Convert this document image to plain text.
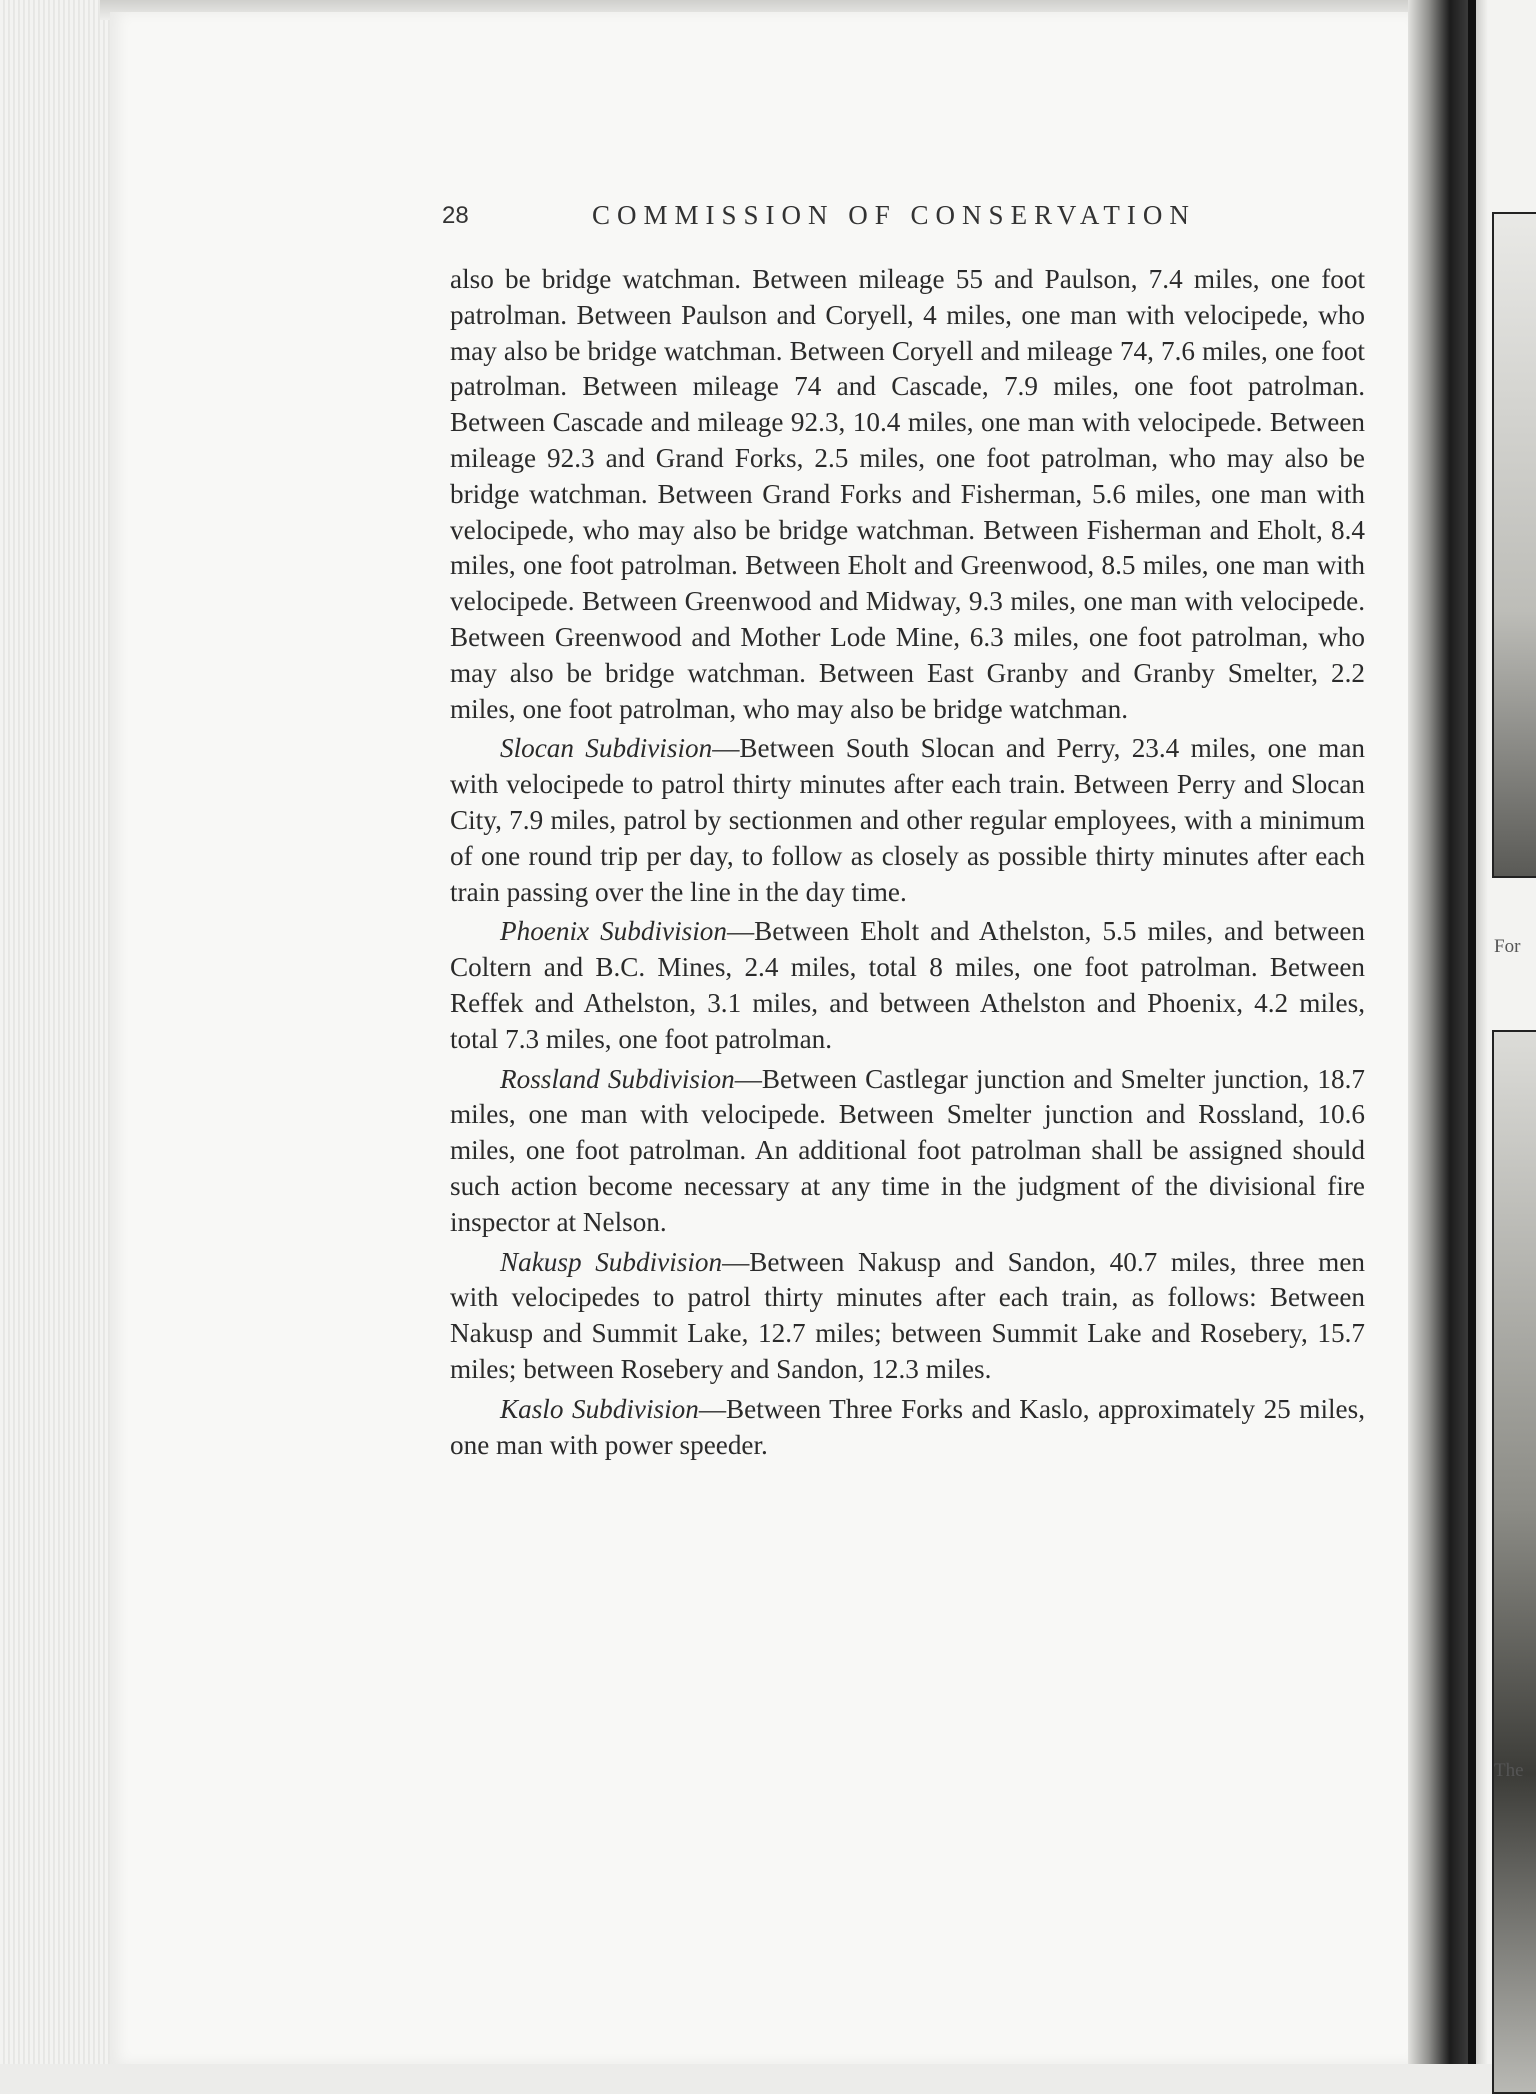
For
The
28	COMMISSION OF CONSERVATION

also be bridge watchman. Between mileage 55 and Paulson, 7.4 miles, one foot patrolman. Between Paulson and Coryell, 4 miles, one man with velocipede, who may also be bridge watchman. Between Coryell and mileage 74, 7.6 miles, one foot patrolman. Between mileage 74 and Cascade, 7.9 miles, one foot patrolman. Between Cascade and mileage 92.3, 10.4 miles, one man with velocipede. Between mileage 92.3 and Grand Forks, 2.5 miles, one foot patrolman, who may also be bridge watchman. Between Grand Forks and Fisherman, 5.6 miles, one man with velocipede, who may also be bridge watchman. Between Fisherman and Eholt, 8.4 miles, one foot patrolman. Between Eholt and Greenwood, 8.5 miles, one man with velocipede. Between Greenwood and Midway, 9.3 miles, one man with velocipede. Between Greenwood and Mother Lode Mine, 6.3 miles, one foot patrolman, who may also be bridge watchman. Between East Granby and Granby Smelter, 2.2 miles, one foot patrolman, who may also be bridge watchman.

Slocan Subdivision—Between South Slocan and Perry, 23.4 miles, one man with velocipede to patrol thirty minutes after each train. Between Perry and Slocan City, 7.9 miles, patrol by sectionmen and other regular employees, with a minimum of one round trip per day, to follow as closely as possible thirty minutes after each train passing over the line in the day time.

Phoenix Subdivision—Between Eholt and Athelston, 5.5 miles, and between Coltern and B.C. Mines, 2.4 miles, total 8 miles, one foot patrolman. Between Reffek and Athelston, 3.1 miles, and between Athelston and Phoenix, 4.2 miles, total 7.3 miles, one foot patrolman.

Rossland Subdivision—Between Castlegar junction and Smelter junction, 18.7 miles, one man with velocipede. Between Smelter junction and Rossland, 10.6 miles, one foot patrolman. An additional foot patrolman shall be assigned should such action become necessary at any time in the judgment of the divisional fire inspector at Nelson.

Nakusp Subdivision—Between Nakusp and Sandon, 40.7 miles, three men with velocipedes to patrol thirty minutes after each train, as follows: Between Nakusp and Summit Lake, 12.7 miles; between Summit Lake and Rosebery, 15.7 miles; between Rosebery and Sandon, 12.3 miles.

Kaslo Subdivision—Between Three Forks and Kaslo, approximately 25 miles, one man with power speeder.
